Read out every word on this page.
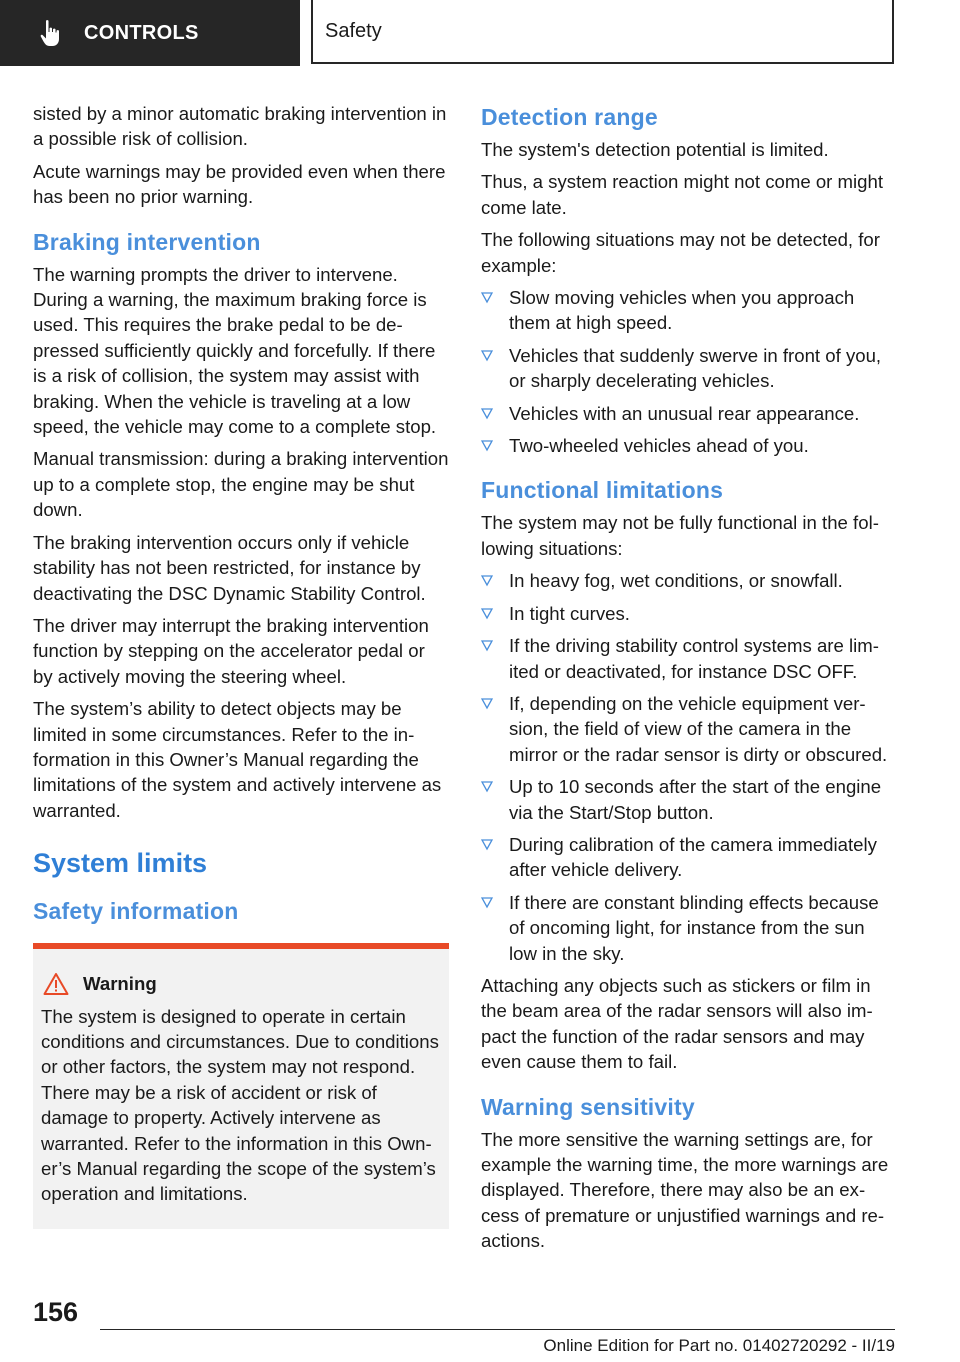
CONTROLS	Safety

sisted by a minor automatic braking intervention in a possible risk of collision.

Acute warnings may be provided even when there has been no prior warning.

Braking intervention

The warning prompts the driver to intervene. During a warning, the maximum braking force is used. This requires the brake pedal to be depressed sufficiently quickly and forcefully. If there is a risk of collision, the system may assist with braking. When the vehicle is traveling at a low speed, the vehicle may come to a complete stop.

Manual transmission: during a braking intervention up to a complete stop, the engine may be shut down.

The braking intervention occurs only if vehicle stability has not been restricted, for instance by deactivating the DSC Dynamic Stability Control.

The driver may interrupt the braking intervention function by stepping on the accelerator pedal or by actively moving the steering wheel.

The system’s ability to detect objects may be limited in some circumstances. Refer to the information in this Owner’s Manual regarding the limitations of the system and actively intervene as warranted.

System limits
Safety information
Warning
The system is designed to operate in certain conditions and circumstances. Due to conditions or other factors, the system may not respond. There may be a risk of accident or risk of damage to property. Actively intervene as warranted. Refer to the information in this Owner’s Manual regarding the scope of the system’s operation and limitations.
Detection range

The system's detection potential is limited.

Thus, a system reaction might not come or might come late.

The following situations may not be detected, for example:

Slow moving vehicles when you approach them at high speed.
Vehicles that suddenly swerve in front of you, or sharply decelerating vehicles.
Vehicles with an unusual rear appearance.
Two-wheeled vehicles ahead of you.
Functional limitations

The system may not be fully functional in the following situations:

In heavy fog, wet conditions, or snowfall.
In tight curves.
If the driving stability control systems are limited or deactivated, for instance DSC OFF.
If, depending on the vehicle equipment version, the field of view of the camera in the mirror or the radar sensor is dirty or obscured.
Up to 10 seconds after the start of the engine via the Start/Stop button.
During calibration of the camera immediately after vehicle delivery.
If there are constant blinding effects because of oncoming light, for instance from the sun low in the sky.

Attaching any objects such as stickers or film in the beam area of the radar sensors will also impact the function of the radar sensors and may even cause them to fail.

Warning sensitivity

The more sensitive the warning settings are, for example the warning time, the more warnings are displayed. Therefore, there may also be an excess of premature or unjustified warnings and reactions.

156
Online Edition for Part no. 01402720292 - II/19
